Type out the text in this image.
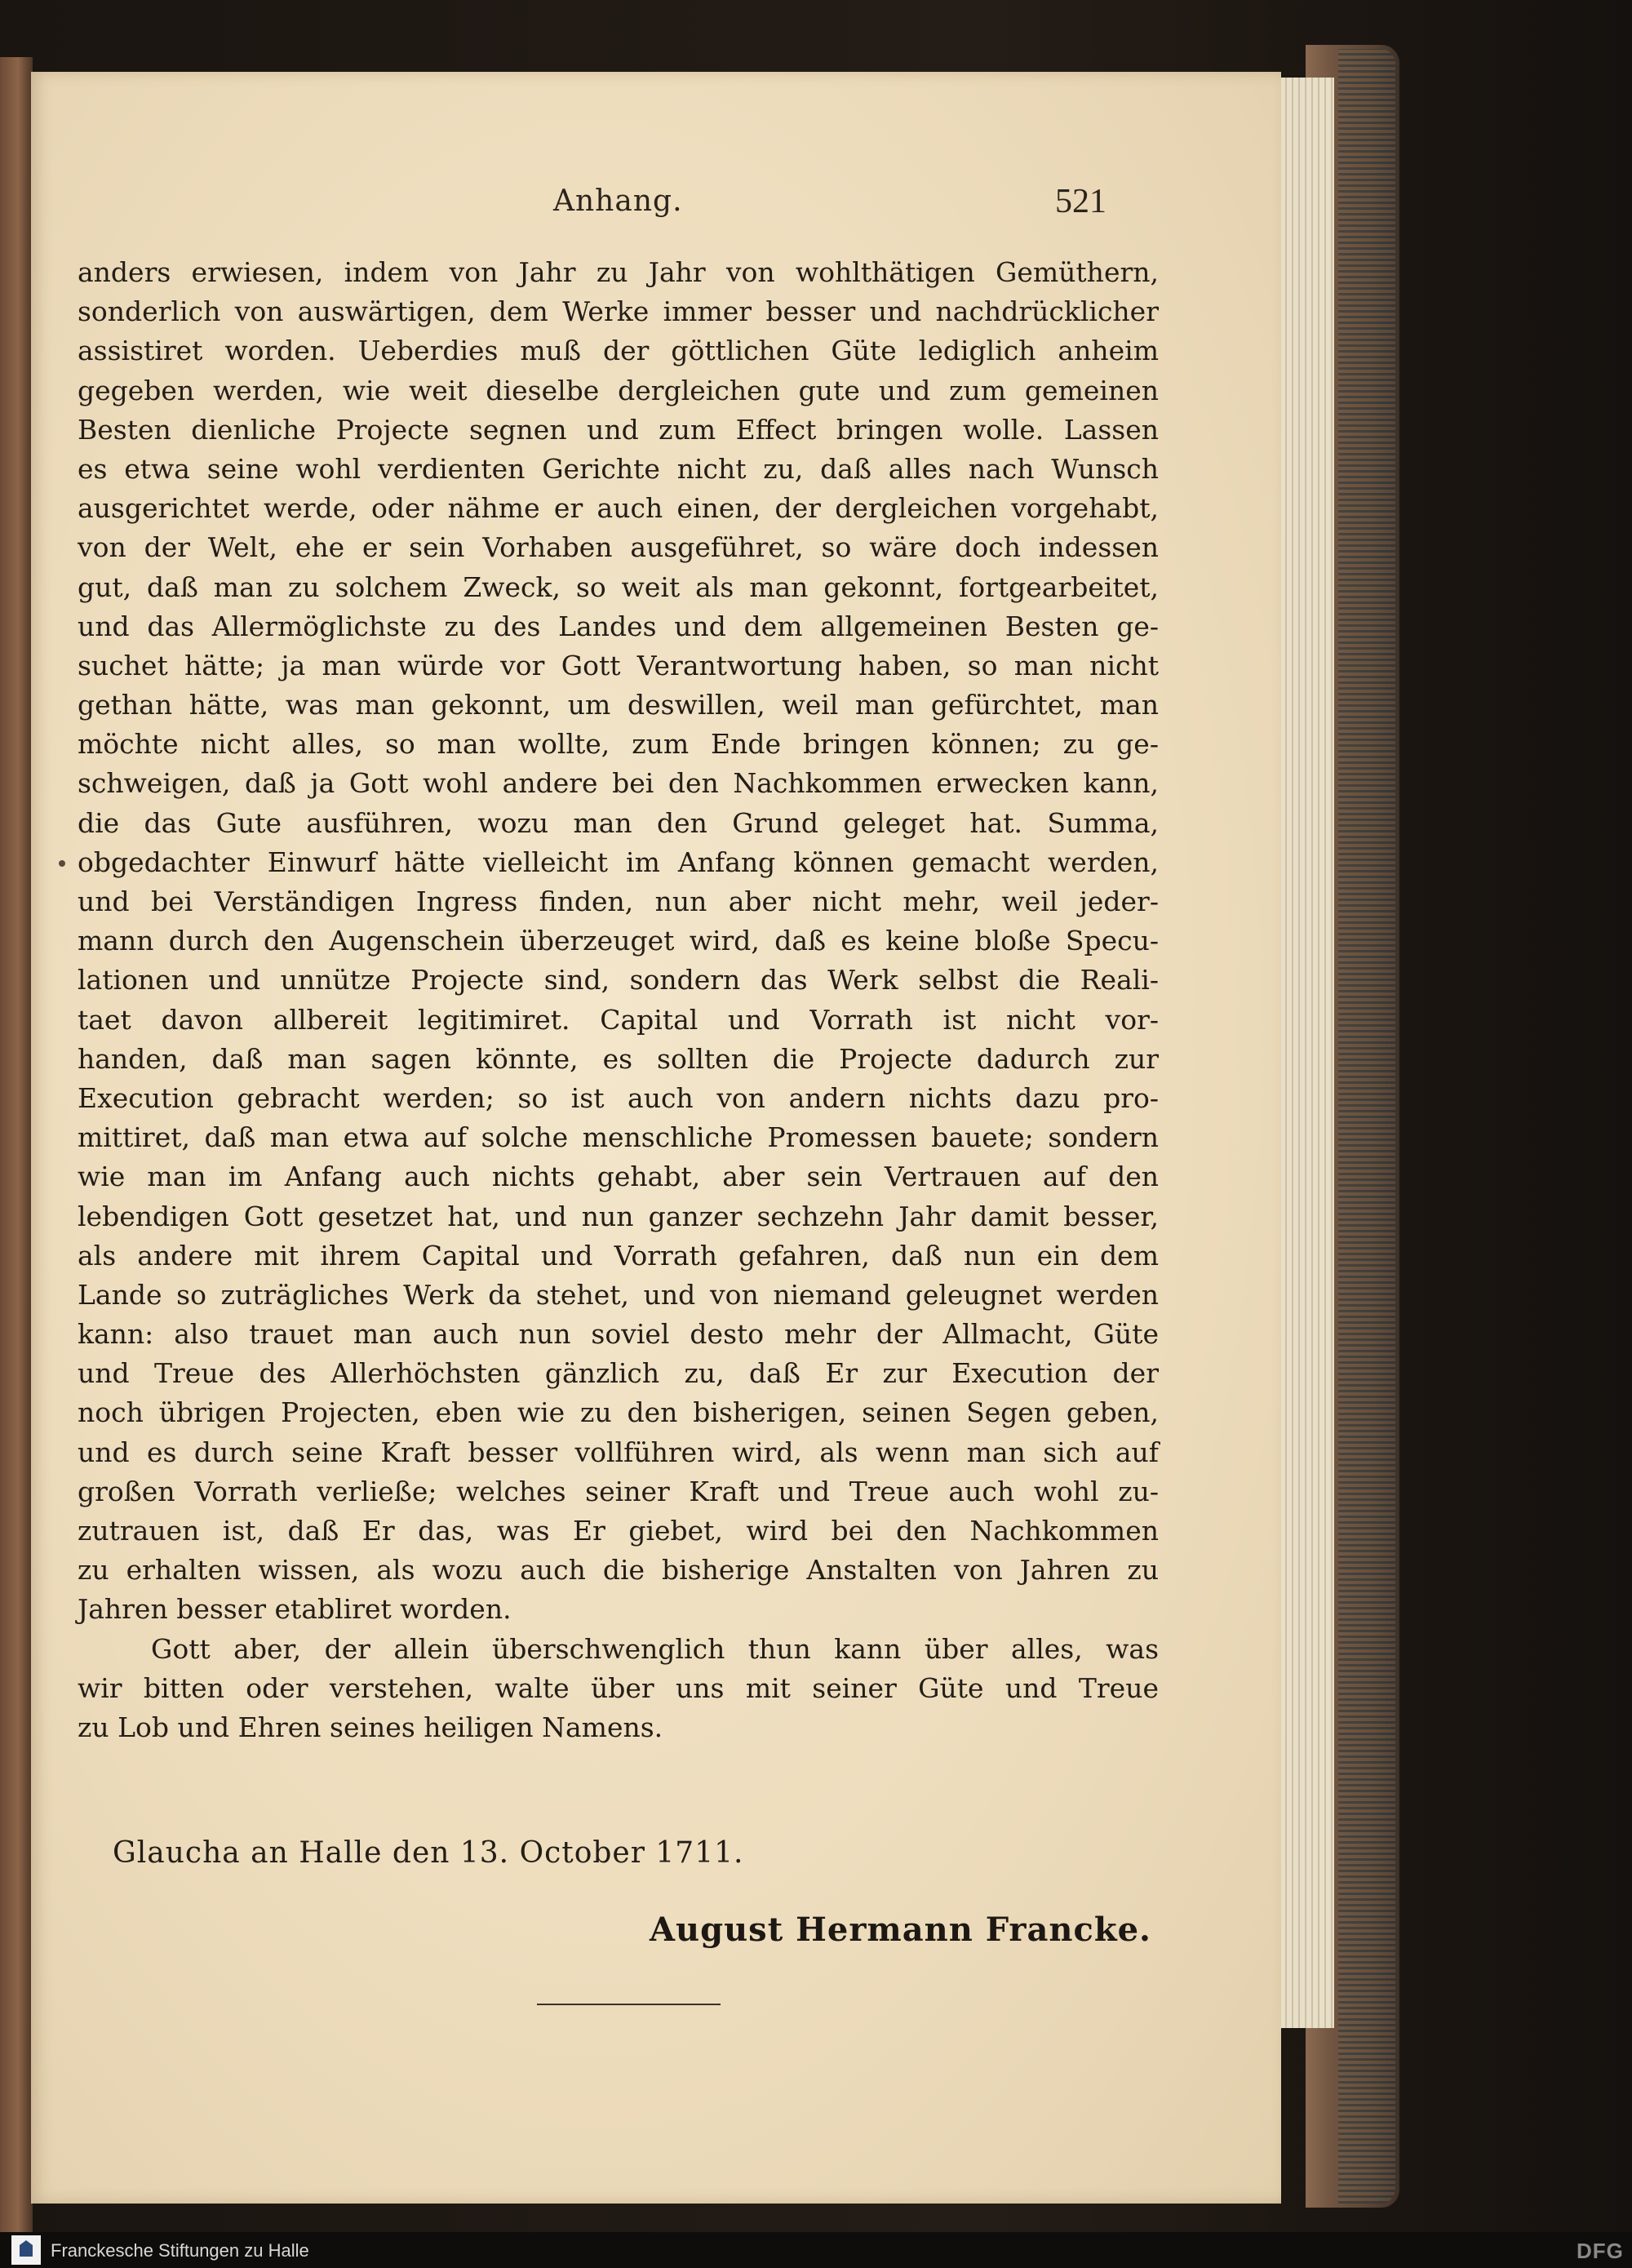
Anhang.	521
anders erwiesen, indem von Jahr zu Jahr von wohlthätigen Gemüthern,
sonderlich von auswärtigen, dem Werke immer besser und nachdrücklicher
assistiret worden. Ueberdies muß der göttlichen Güte lediglich anheim
gegeben werden, wie weit dieselbe dergleichen gute und zum gemeinen
Besten dienliche Projecte segnen und zum Effect bringen wolle. Lassen
es etwa seine wohl verdienten Gerichte nicht zu, daß alles nach Wunsch
ausgerichtet werde, oder nähme er auch einen, der dergleichen vorgehabt,
von der Welt, ehe er sein Vorhaben ausgeführet, so wäre doch indessen
gut, daß man zu solchem Zweck, so weit als man gekonnt, fortgearbeitet,
und das Allermöglichste zu des Landes und dem allgemeinen Besten ge-
suchet hätte; ja man würde vor Gott Verantwortung haben, so man nicht
gethan hätte, was man gekonnt, um deswillen, weil man gefürchtet, man
möchte nicht alles, so man wollte, zum Ende bringen können; zu ge-
schweigen, daß ja Gott wohl andere bei den Nachkommen erwecken kann,
die das Gute ausführen, wozu man den Grund geleget hat. Summa,
obgedachter Einwurf hätte vielleicht im Anfang können gemacht werden,
und bei Verständigen Ingress finden, nun aber nicht mehr, weil jeder-
mann durch den Augenschein überzeuget wird, daß es keine bloße Specu-
lationen und unnütze Projecte sind, sondern das Werk selbst die Reali-
taet davon allbereit legitimiret. Capital und Vorrath ist nicht vor-
handen, daß man sagen könnte, es sollten die Projecte dadurch zur
Execution gebracht werden; so ist auch von andern nichts dazu pro-
mittiret, daß man etwa auf solche menschliche Promessen bauete; sondern
wie man im Anfang auch nichts gehabt, aber sein Vertrauen auf den
lebendigen Gott gesetzet hat, und nun ganzer sechzehn Jahr damit besser,
als andere mit ihrem Capital und Vorrath gefahren, daß nun ein dem
Lande so zuträgliches Werk da stehet, und von niemand geleugnet werden
kann: also trauet man auch nun soviel desto mehr der Allmacht, Güte
und Treue des Allerhöchsten gänzlich zu, daß Er zur Execution der
noch übrigen Projecten, eben wie zu den bisherigen, seinen Segen geben,
und es durch seine Kraft besser vollführen wird, als wenn man sich auf
großen Vorrath verließe; welches seiner Kraft und Treue auch wohl zu-
zutrauen ist, daß Er das, was Er giebet, wird bei den Nachkommen
zu erhalten wissen, als wozu auch die bisherige Anstalten von Jahren zu
Jahren besser etabliret worden.
Gott aber, der allein überschwenglich thun kann über alles, was
wir bitten oder verstehen, walte über uns mit seiner Güte und Treue
zu Lob und Ehren seines heiligen Namens.
Glaucha an Halle den 13. October 1711.
August Hermann Francke.
Franckesche Stiftungen zu Halle	DFG
